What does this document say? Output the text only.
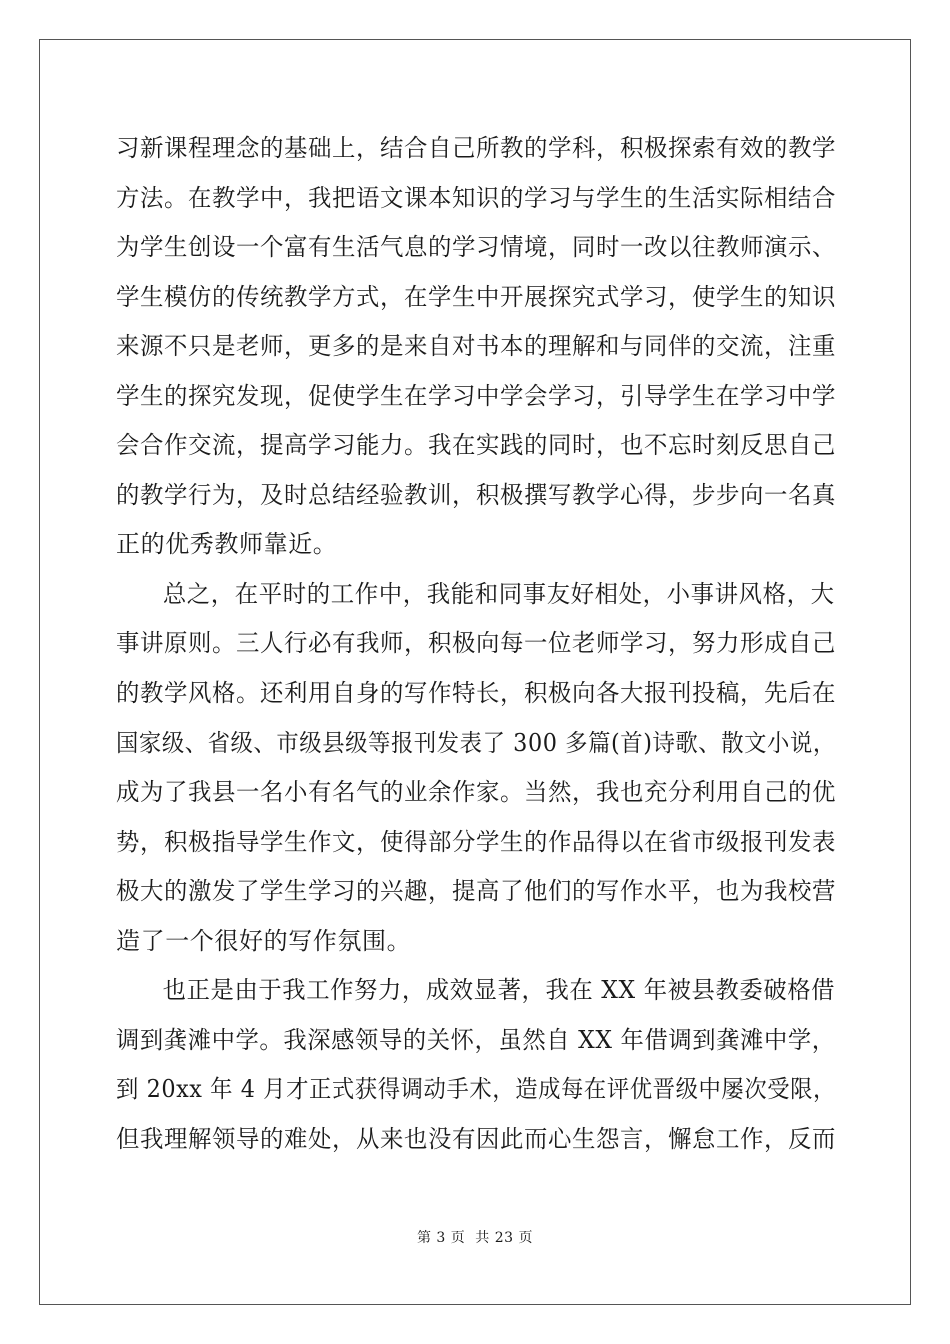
习新课程理念的基础上，结合自己所教的学科，积极探索有效的教学
方法。在教学中，我把语文课本知识的学习与学生的生活实际相结合
为学生创设一个富有生活气息的学习情境，同时一改以往教师演示、
学生模仿的传统教学方式，在学生中开展探究式学习，使学生的知识
来源不只是老师，更多的是来自对书本的理解和与同伴的交流，注重
学生的探究发现，促使学生在学习中学会学习，引导学生在学习中学
会合作交流，提高学习能力。我在实践的同时，也不忘时刻反思自己
的教学行为，及时总结经验教训，积极撰写教学心得，步步向一名真
正的优秀教师靠近。
总之，在平时的工作中，我能和同事友好相处，小事讲风格，大
事讲原则。三人行必有我师，积极向每一位老师学习，努力形成自己
的教学风格。还利用自身的写作特长，积极向各大报刊投稿，先后在
国家级、省级、市级县级等报刊发表了 300 多篇(首)诗歌、散文小说，
成为了我县一名小有名气的业余作家。当然，我也充分利用自己的优
势，积极指导学生作文，使得部分学生的作品得以在省市级报刊发表
极大的激发了学生学习的兴趣，提高了他们的写作水平，也为我校营
造了一个很好的写作氛围。
也正是由于我工作努力，成效显著，我在 XX 年被县教委破格借
调到龚滩中学。我深感领导的关怀，虽然自 XX 年借调到龚滩中学，
到 20xx 年 4 月才正式获得调动手术，造成每在评优晋级中屡次受限，
但我理解领导的难处，从来也没有因此而心生怨言，懈怠工作，反而
第 3 页 共 23 页
